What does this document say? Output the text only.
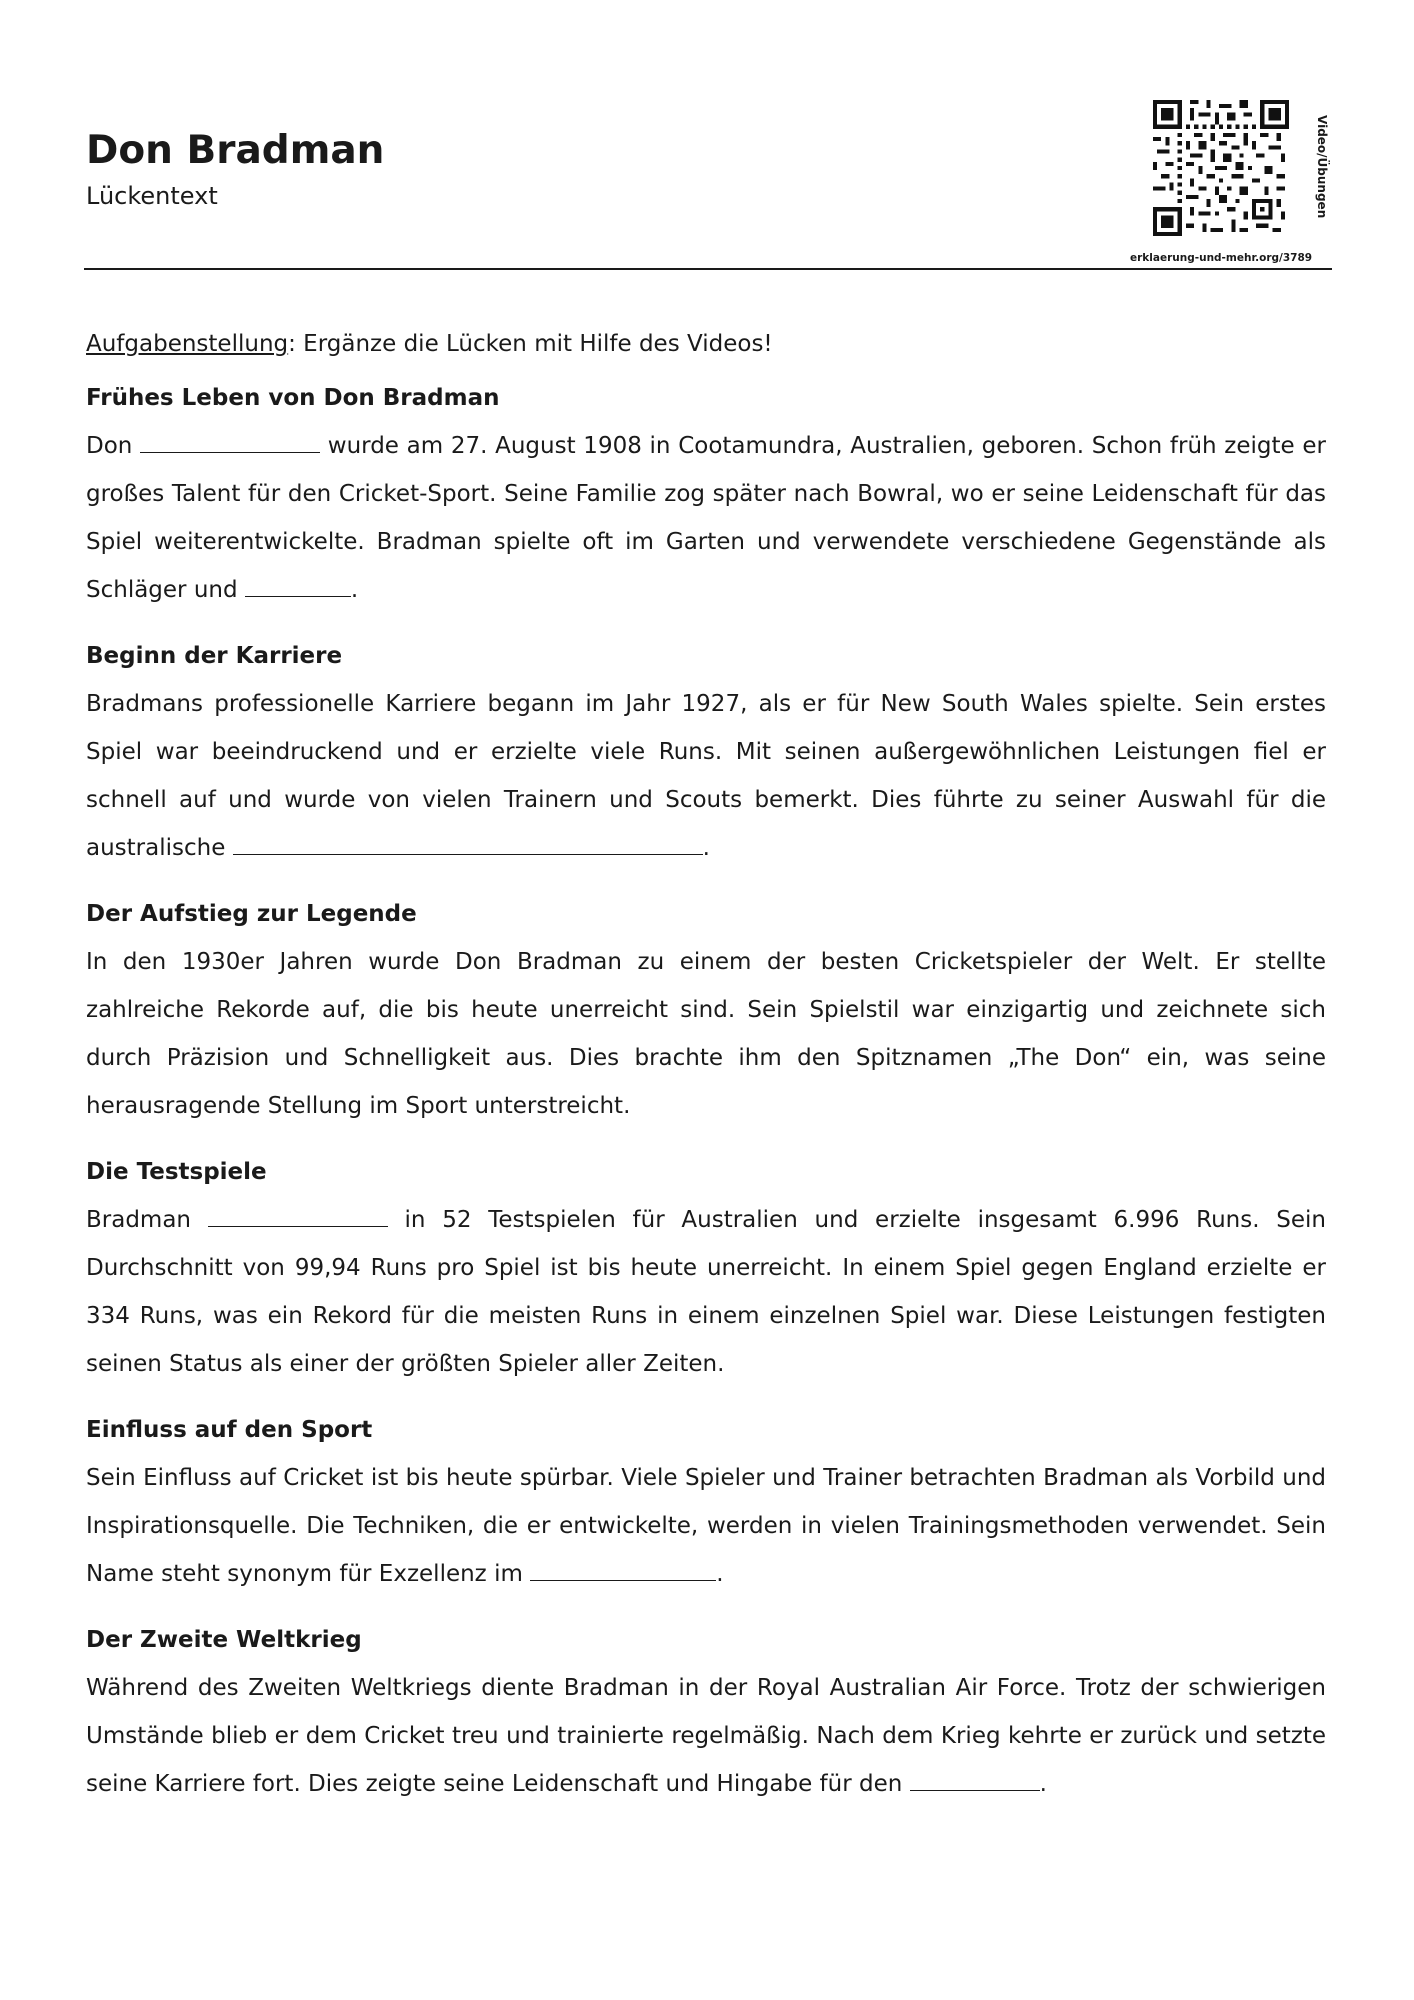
Don Bradman
Lückentext	Video/Übungen
erklaerung-und-mehr.org/3789

Aufgabenstellung: Ergänze die Lücken mit Hilfe des Videos!

Frühes Leben von Don Bradman

Don	wurde am 27. August 1908 in Cootamundra, Australien, geboren. Schon früh zeigte er großes Talent für den Cricket-Sport. Seine Familie zog später nach Bowral, wo er seine Leidenschaft für das Spiel weiterentwickelte. Bradman spielte oft im Garten und verwendete verschiedene Gegenstände als Schläger und	.

Beginn der Karriere

Bradmans professionelle Karriere begann im Jahr 1927, als er für New South Wales spielte. Sein erstes Spiel war beeindruckend und er erzielte viele Runs. Mit seinen außergewöhnlichen Leistungen fiel er schnell auf und wurde von vielen Trainern und Scouts bemerkt. Dies führte zu seiner Auswahl für die australische	.

Der Aufstieg zur Legende

In den 1930er Jahren wurde Don Bradman zu einem der besten Cricketspieler der Welt. Er stellte zahlreiche Rekorde auf, die bis heute unerreicht sind. Sein Spielstil war einzigartig und zeichnete sich durch Präzision und Schnelligkeit aus. Dies brachte ihm den Spitznamen „The Don“ ein, was seine herausragende Stellung im Sport unterstreicht.

Die Testspiele

Bradman	in 52 Testspielen für Australien und erzielte insgesamt 6.996 Runs. Sein Durchschnitt von 99,94 Runs pro Spiel ist bis heute unerreicht. In einem Spiel gegen England erzielte er 334 Runs, was ein Rekord für die meisten Runs in einem einzelnen Spiel war. Diese Leistungen festigten seinen Status als einer der größten Spieler aller Zeiten.

Einfluss auf den Sport

Sein Einfluss auf Cricket ist bis heute spürbar. Viele Spieler und Trainer betrachten Bradman als Vorbild und Inspirationsquelle. Die Techniken, die er entwickelte, werden in vielen Trainingsmethoden verwendet. Sein Name steht synonym für Exzellenz im	.

Der Zweite Weltkrieg

Während des Zweiten Weltkriegs diente Bradman in der Royal Australian Air Force. Trotz der schwierigen Umstände blieb er dem Cricket treu und trainierte regelmäßig. Nach dem Krieg kehrte er zurück und setzte seine Karriere fort. Dies zeigte seine Leidenschaft und Hingabe für den	.
